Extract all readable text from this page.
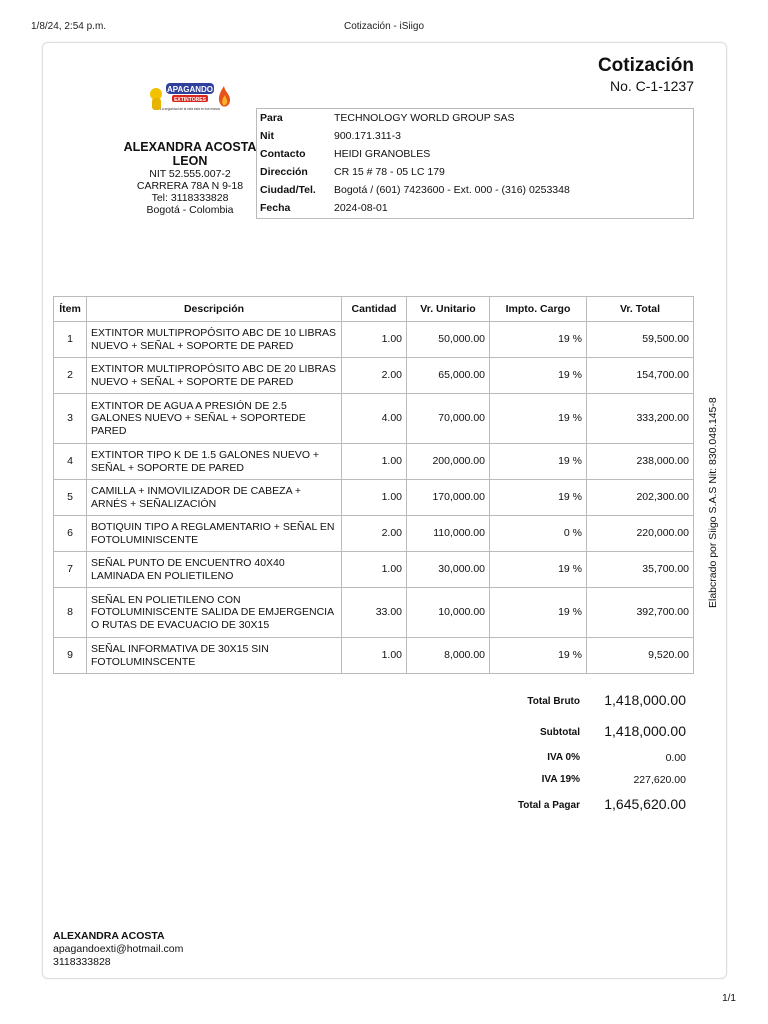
1/8/24, 2:54 p.m.	Cotización - iSiigo
Cotización
No. C-1-1237
APAGANDO
EXTINTORES
La seguridad de la vida está en tus manos
ALEXANDRA ACOSTA LEON
NIT 52.555.007-2
CARRERA 78A N 9-18
Tel: 3118333828
Bogotá - Colombia
Para	TECHNOLOGY WORLD GROUP SAS
Nit	900.171.311-3
Contacto	HEIDI GRANOBLES
Dirección CR 15 # 78 - 05 LC 179
Ciudad/Tel. Bogotá / (601) 7423600 - Ext. 000 - (316) 0253348
Fecha	2024-08-01
Ítem	Descripción	Cantidad	Vr. Unitario	Impto. Cargo	Vr. Total
1	EXTINTOR MULTIPROPÓSITO ABC DE 10 LIBRAS NUEVO + SEÑAL + SOPORTE DE PARED	1.00	50,000.00	19 %	59,500.00
2	EXTINTOR MULTIPROPÓSITO ABC DE 20 LIBRAS NUEVO + SEÑAL + SOPORTE DE PARED	2.00	65,000.00	19 %	154,700.00
3	EXTINTOR DE AGUA A PRESIÓN DE 2.5 GALONES NUEVO + SEÑAL + SOPORTEDE PARED	4.00	70,000.00	19 %	333,200.00
4	EXTINTOR TIPO K DE 1.5 GALONES NUEVO + SEÑAL + SOPORTE DE PARED	1.00	200,000.00	19 %	238,000.00
5	CAMILLA + INMOVILIZADOR DE CABEZA + ARNÉS + SEÑALIZACIÓN	1.00	170,000.00	19 %	202,300.00
6	BOTIQUIN TIPO A REGLAMENTARIO + SEÑAL EN FOTOLUMINISCENTE	2.00	110,000.00	0 %	220,000.00
7	SEÑAL PUNTO DE ENCUENTRO 40X40 LAMINADA EN POLIETILENO	1.00	30,000.00	19 %	35,700.00
8	SEÑAL EN POLIETILENO CON FOTOLUMINISCENTE SALIDA DE EMJERGENCIA O RUTAS DE EVACUACIO DE 30X15	33.00	10,000.00	19 %	392,700.00
9	SEÑAL INFORMATIVA DE 30X15 SIN FOTOLUMINSCENTE	1.00	8,000.00	19 %	9,520.00
Total Bruto 1,418,000.00
Subtotal 1,418,000.00
IVA 0%	0.00
IVA 19%	227,620.00
Total a Pagar 1,645,620.00
Elabcrado por Siigo S.A.S Nit: 830.048.145-8
ALEXANDRA ACOSTA
apagandoexti@hotmail.com
3118333828
1/1
